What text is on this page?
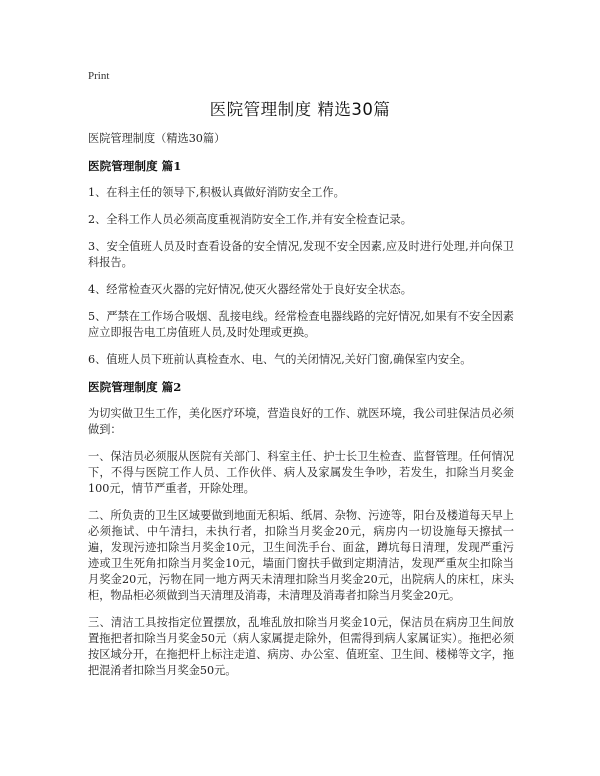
Print
医院管理制度 精选30篇

医院管理制度（精选30篇）

医院管理制度 篇1

1、在科主任的领导下,积极认真做好消防安全工作。

2、全科工作人员必须高度重视消防安全工作,并有安全检查记录。

3、安全值班人员及时查看设备的安全情况,发现不安全因素,应及时进行处理,并向保卫科报告。

4、经常检查灭火器的完好情况,使灭火器经常处于良好安全状态。

5、严禁在工作场合吸烟、乱接电线。经常检查电器线路的完好情况,如果有不安全因素应立即报告电工房值班人员,及时处理或更换。

6、值班人员下班前认真检查水、电、气的关闭情况,关好门窗,确保室内安全。

医院管理制度 篇2

为切实做卫生工作，美化医疗环境，营造良好的工作、就医环境，我公司驻保洁员必须做到：

一、保洁员必须服从医院有关部门、科室主任、护士长卫生检查、监督管理。任何情况下，不得与医院工作人员、工作伙伴、病人及家属发生争吵，若发生，扣除当月奖金100元，情节严重者，开除处理。

二、所负责的卫生区域要做到地面无积垢、纸屑、杂物、污迹等，阳台及楼道每天早上必须拖试、中午清扫，未执行者，扣除当月奖金20元，病房内一切设施每天擦拭一遍，发现污迹扣除当月奖金10元，卫生间洗手台、面盆，蹲坑每日清理，发现严重污迹或卫生死角扣除当月奖金10元，墙面门窗扶手做到定期清洁，发现严重灰尘扣除当月奖金20元，污物在同一地方两天未清理扣除当月奖金20元，出院病人的床杠，床头柜，物品柜必须做到当天清理及消毒，未清理及消毒者扣除当月奖金20元。

三、清洁工具按指定位置摆放，乱堆乱放扣除当月奖金10元，保洁员在病房卫生间放置拖把者扣除当月奖金50元（病人家属提走除外，但需得到病人家属证实）。拖把必须按区域分开，在拖把杆上标注走道、病房、办公室、值班室、卫生间、楼梯等文字，拖把混淆者扣除当月奖金50元。
